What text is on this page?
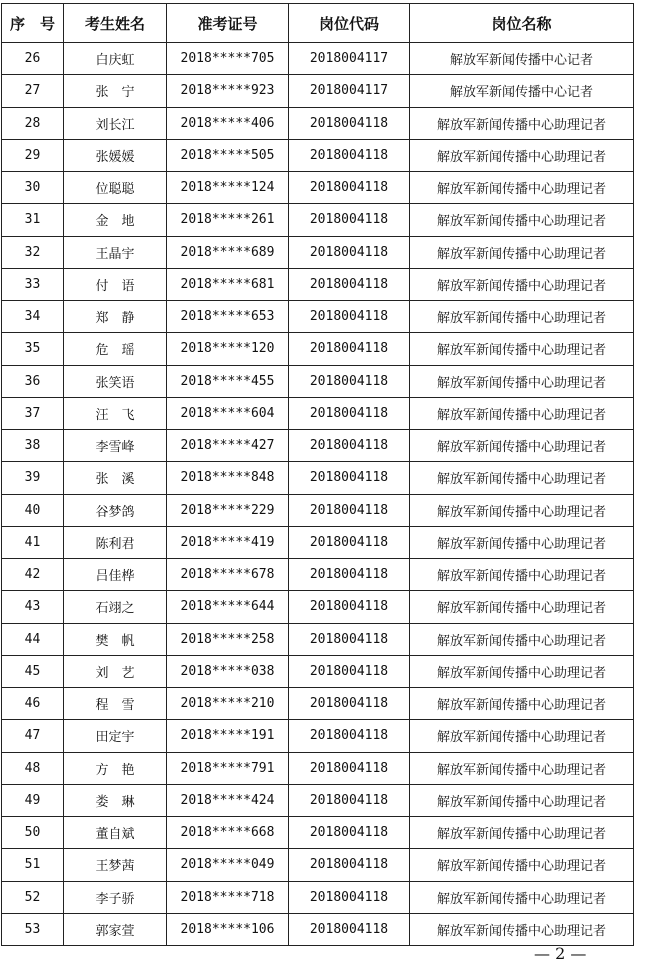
序　号	考生姓名	准考证号	岗位代码	岗位名称
26	白庆虹	2018*****705	2018004117	解放军新闻传播中心记者
27	张　宁	2018*****923	2018004117	解放军新闻传播中心记者
28	刘长江	2018*****406	2018004118	解放军新闻传播中心助理记者
29	张媛媛	2018*****505	2018004118	解放军新闻传播中心助理记者
30	位聪聪	2018*****124	2018004118	解放军新闻传播中心助理记者
31	金　地	2018*****261	2018004118	解放军新闻传播中心助理记者
32	王晶宇	2018*****689	2018004118	解放军新闻传播中心助理记者
33	付　语	2018*****681	2018004118	解放军新闻传播中心助理记者
34	郑　静	2018*****653	2018004118	解放军新闻传播中心助理记者
35	危　瑶	2018*****120	2018004118	解放军新闻传播中心助理记者
36	张笑语	2018*****455	2018004118	解放军新闻传播中心助理记者
37	汪　飞	2018*****604	2018004118	解放军新闻传播中心助理记者
38	李雪峰	2018*****427	2018004118	解放军新闻传播中心助理记者
39	张　溪	2018*****848	2018004118	解放军新闻传播中心助理记者
40	谷梦鸽	2018*****229	2018004118	解放军新闻传播中心助理记者
41	陈利君	2018*****419	2018004118	解放军新闻传播中心助理记者
42	吕佳桦	2018*****678	2018004118	解放军新闻传播中心助理记者
43	石翊之	2018*****644	2018004118	解放军新闻传播中心助理记者
44	樊　帆	2018*****258	2018004118	解放军新闻传播中心助理记者
45	刘　艺	2018*****038	2018004118	解放军新闻传播中心助理记者
46	程　雪	2018*****210	2018004118	解放军新闻传播中心助理记者
47	田定宇	2018*****191	2018004118	解放军新闻传播中心助理记者
48	方　艳	2018*****791	2018004118	解放军新闻传播中心助理记者
49	娄　琳	2018*****424	2018004118	解放军新闻传播中心助理记者
50	董自斌	2018*****668	2018004118	解放军新闻传播中心助理记者
51	王梦茜	2018*****049	2018004118	解放军新闻传播中心助理记者
52	李子骄	2018*****718	2018004118	解放军新闻传播中心助理记者
53	郭家萱	2018*****106	2018004118	解放军新闻传播中心助理记者
— 2 —
